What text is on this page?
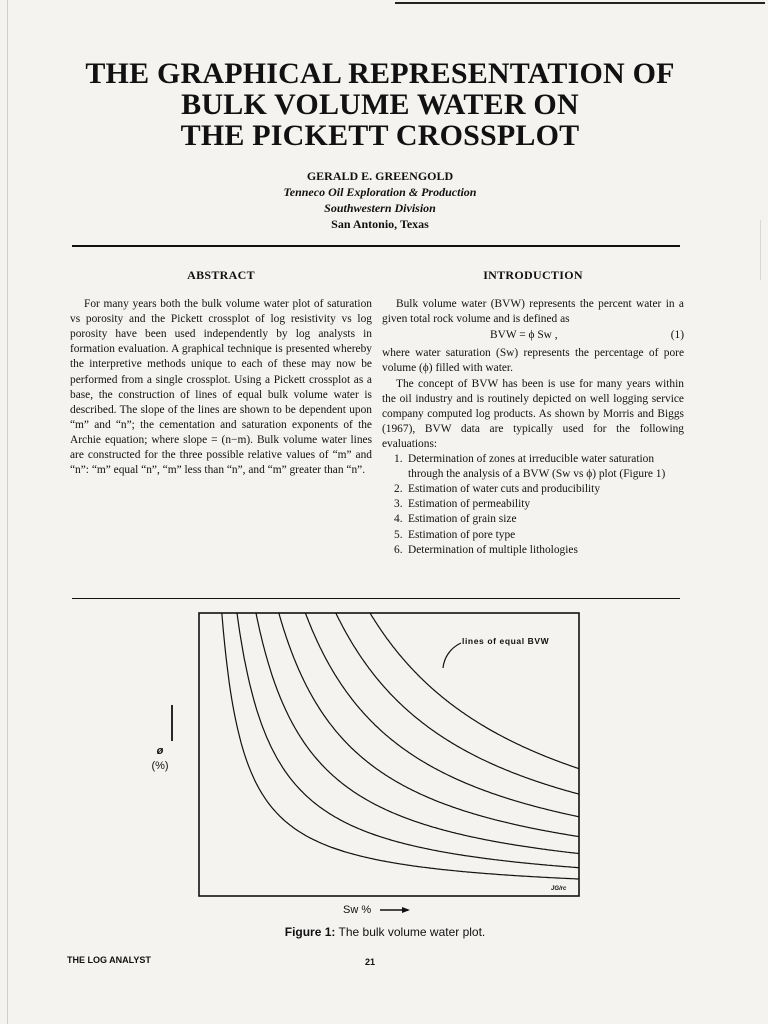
THE GRAPHICAL REPRESENTATION OF
BULK VOLUME WATER ON
THE PICKETT CROSSPLOT
GERALD E. GREENGOLD
Tenneco Oil Exploration & Production
Southwestern Division
San Antonio, Texas
ABSTRACT

For many years both the bulk volume water plot of saturation vs porosity and the Pickett crossplot of log resistivity vs log porosity have been used independently by log analysts in formation evaluation. A graphical technique is presented whereby the interpretive methods unique to each of these may now be performed from a single crossplot. Using a Pickett crossplot as a base, the construction of lines of equal bulk volume water is described. The slope of the lines are shown to be dependent upon “m” and “n”; the cementation and saturation exponents of the Archie equation; where slope = (n−m). Bulk volume water lines are constructed for the three possible relative values of “m” and “n”: “m” equal “n”, “m” less than “n”, and “m” greater than “n”.

INTRODUCTION

Bulk volume water (BVW) represents the percent water in a given total rock volume and is defined as

BVW = ϕ Sw ,	(1)

where water saturation (Sw) represents the percentage of pore volume (ϕ) filled with water.

The concept of BVW has been is use for many years within the oil industry and is routinely depicted on well logging service company computed log products. As shown by Morris and Biggs (1967), BVW data are typically used for the following evaluations:

1. Determination of zones at irreducible water saturation through the analysis of a BVW (Sw vs ϕ) plot (Figure 1)
2. Estimation of water cuts and producibility
3. Estimation of permeability
4. Estimation of grain size
5. Estimation of pore type
6. Determination of multiple lithologies
lines of equal BVW
ø
(%)
JG/rc
Sw %
Figure 1: The bulk volume water plot.
THE LOG ANALYST	21
